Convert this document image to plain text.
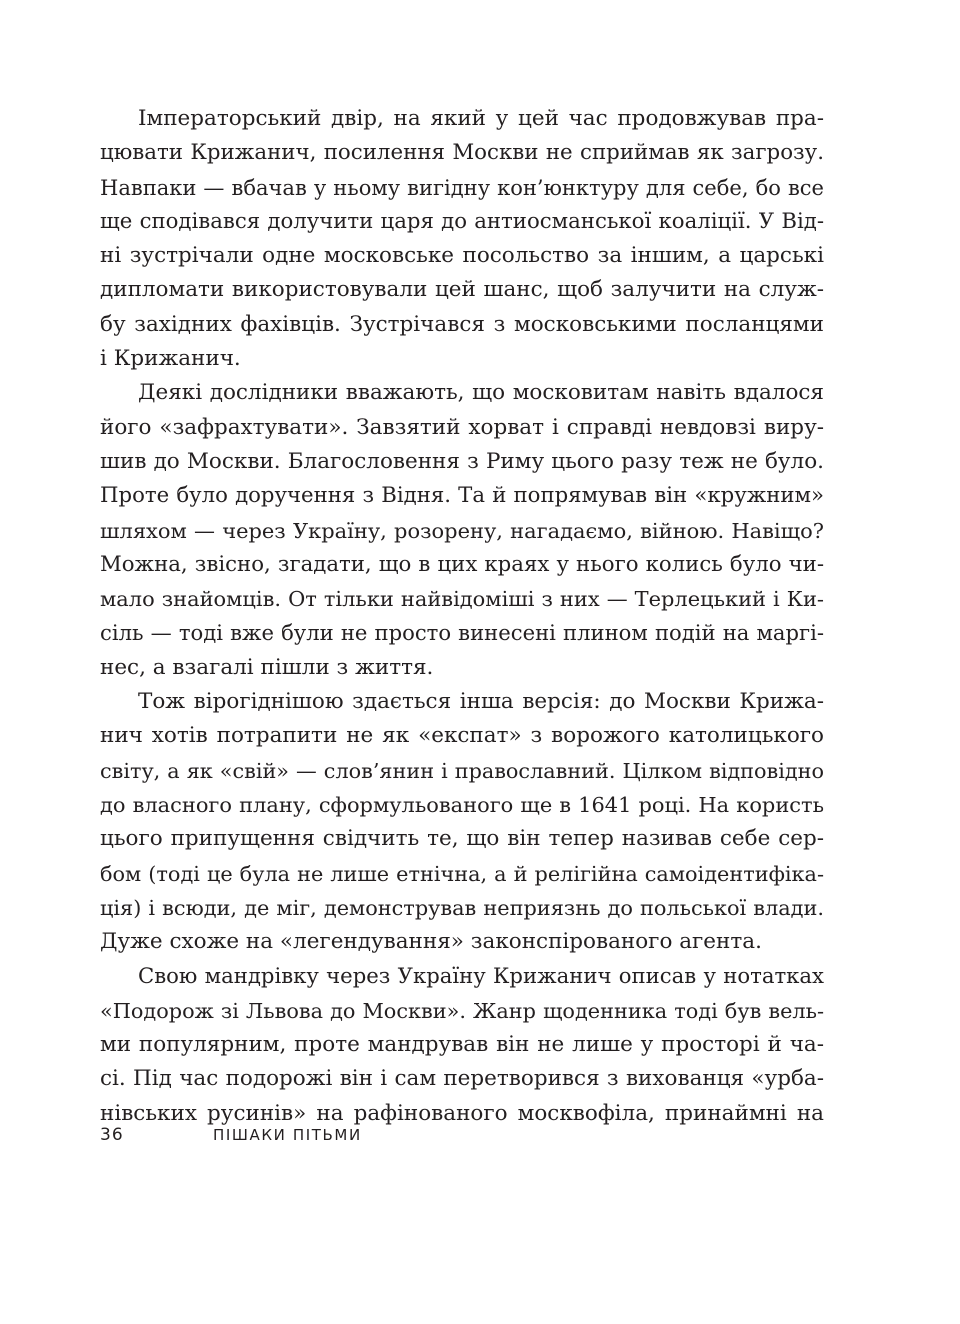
Імператорський двір, на який у цей час продовжував пра-
цювати Крижанич, посилення Москви не сприймав як загрозу.
Навпаки — вбачав у ньому вигідну кон’юнктуру для себе, бо все
ще сподівався долучити царя до антиосманської коаліції. У Від-
ні зустрічали одне московське посольство за іншим, а царські
дипломати використовували цей шанс, щоб залучити на служ-
бу західних фахівців. Зустрічався з московськими посланцями
і Крижанич.
Деякі дослідники вважають, що московитам навіть вдалося
його «зафрахтувати». Завзятий хорват і справді невдовзі виру-
шив до Москви. Благословення з Риму цього разу теж не було.
Проте було доручення з Відня. Та й попрямував він «кружним»
шляхом — через Україну, розорену, нагадаємо, війною. Навіщо?
Можна, звісно, згадати, що в цих краях у нього колись було чи-
мало знайомців. От тільки найвідоміші з них — Терлецький і Ки-
сіль — тоді вже були не просто винесені плином подій на маргі-
нес, а взагалі пішли з життя.
Тож вірогіднішою здається інша версія: до Москви Крижа-
нич хотів потрапити не як «експат» з ворожого католицького
світу, а як «свій» — слов’янин і православний. Цілком відповідно
до власного плану, сформульованого ще в 1641 році. На користь
цього припущення свідчить те, що він тепер називав себе сер-
бом (тоді це була не лише етнічна, а й релігійна самоідентифіка-
ція) і всюди, де міг, демонстрував неприязнь до польської влади.
Дуже схоже на «легендування» законспірованого агента.
Свою мандрівку через Україну Крижанич описав у нотатках
«Подорож зі Львова до Москви». Жанр щоденника тоді був вель-
ми популярним, проте мандрував він не лише у просторі й ча-
сі. Під час подорожі він і сам перетворився з вихованця «урба-
нівських русинів» на рафінованого москвофіла, принаймні на
36	ПІШАКИ ПІТЬМИ
